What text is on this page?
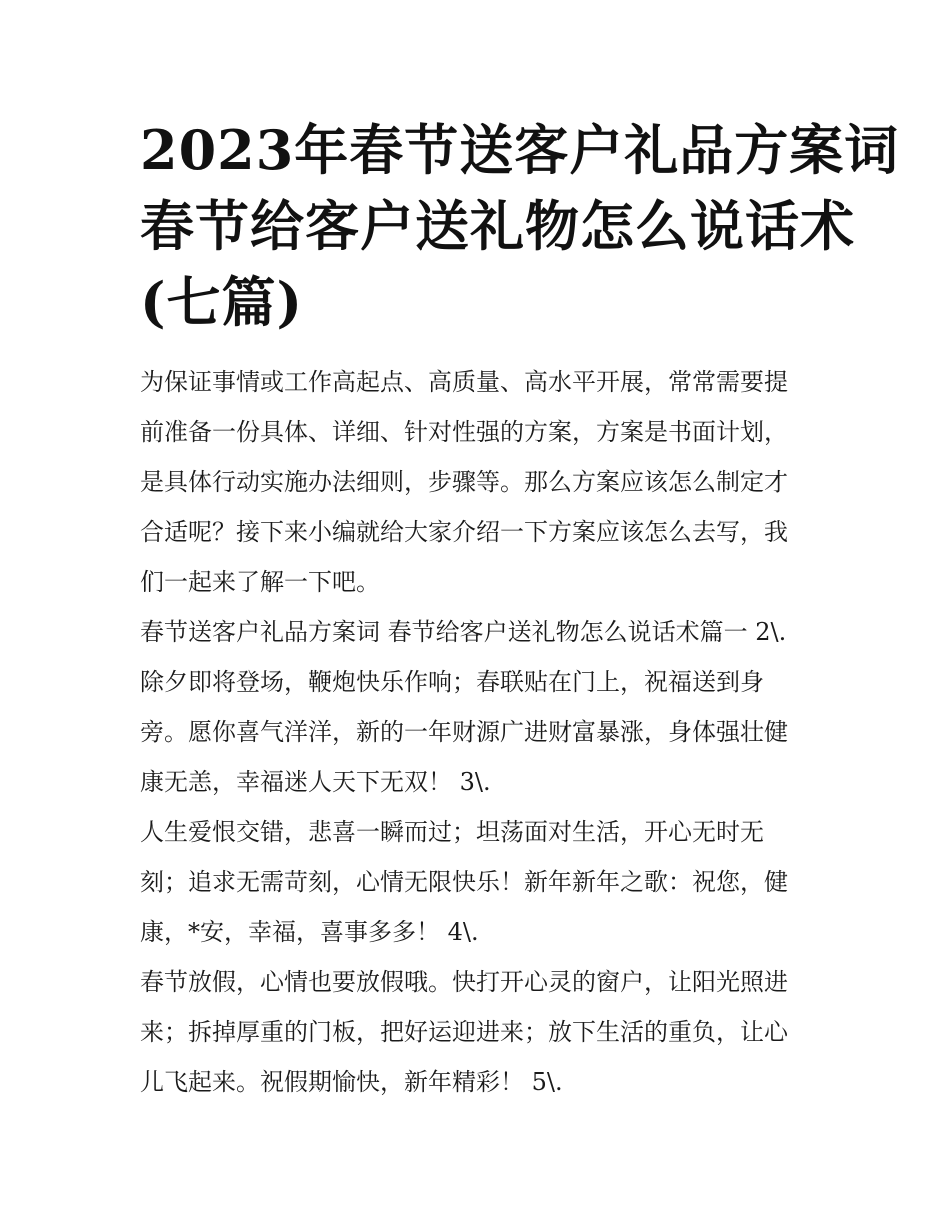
2023年春节送客户礼品方案词
春节给客户送礼物怎么说话术
(七篇)
为保证事情或工作高起点、高质量、高水平开展，常常需要提
前准备一份具体、详细、针对性强的方案，方案是书面计划，
是具体行动实施办法细则，步骤等。那么方案应该怎么制定才
合适呢？接下来小编就给大家介绍一下方案应该怎么去写，我
们一起来了解一下吧。
春节送客户礼品方案词 春节给客户送礼物怎么说话术篇一 2\.
除夕即将登场，鞭炮快乐作响；春联贴在门上，祝福送到身
旁。愿你喜气洋洋，新的一年财源广进财富暴涨，身体强壮健
康无恙，幸福迷人天下无双！ 3\.
人生爱恨交错，悲喜一瞬而过；坦荡面对生活，开心无时无
刻；追求无需苛刻，心情无限快乐！新年新年之歌：祝您，健
康，*安，幸福，喜事多多！ 4\.
春节放假，心情也要放假哦。快打开心灵的窗户，让阳光照进
来；拆掉厚重的门板，把好运迎进来；放下生活的重负，让心
儿飞起来。祝假期愉快，新年精彩！ 5\.
